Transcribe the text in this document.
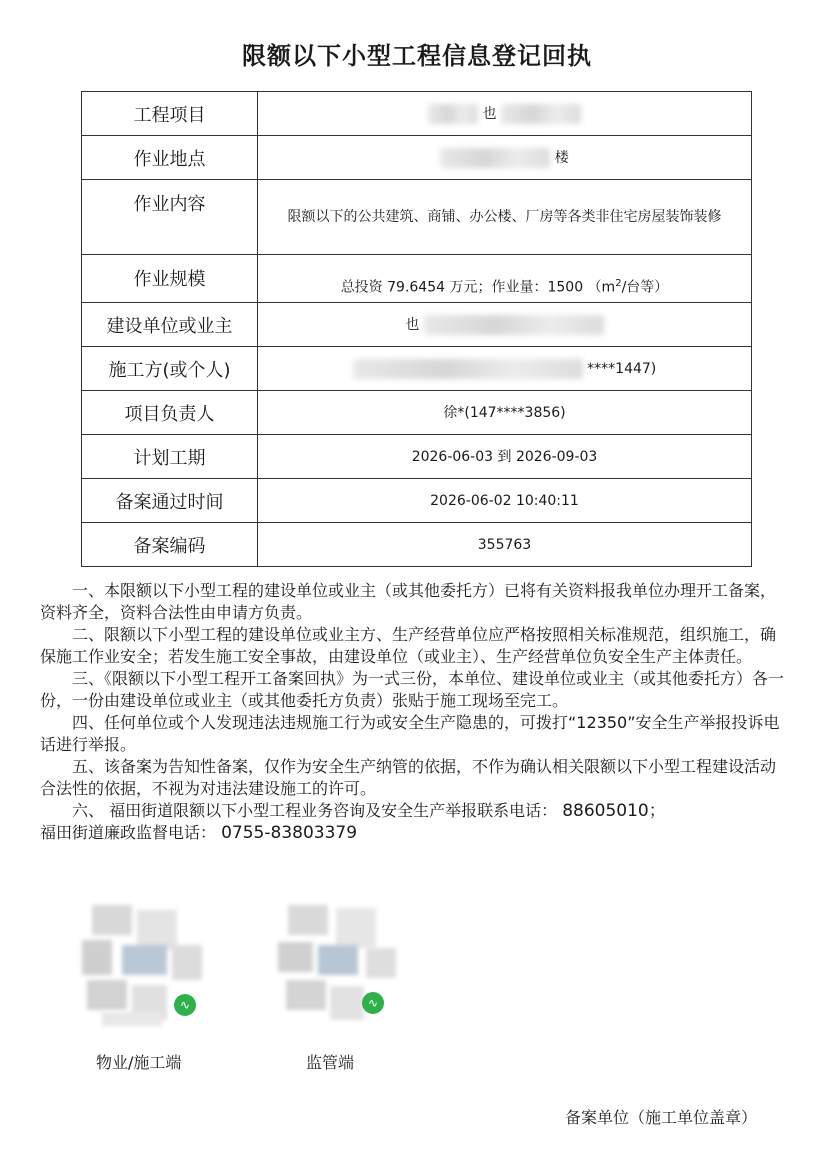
限额以下小型工程信息登记回执
工程项目	也
作业地点	楼
作业内容	限额以下的公共建筑、商铺、办公楼、厂房等各类非住宅房屋装饰装修
作业规模	总投资 79.6454 万元；作业量：1500 （$m^2/$台等）
建设单位或业主	也
施工方(或个人)	****1447)
项目负责人	徐*(147****3856)
计划工期	2026-06-03 到 2026-09-03
备案通过时间	2026-06-02 10:40:11
备案编码	355763

一、本限额以下小型工程的建设单位或业主（或其他委托方）已将有关资料报我单位办理开工备案，资料齐全，资料合法性由申请方负责。

二、限额以下小型工程的建设单位或业主方、生产经营单位应严格按照相关标准规范，组织施工，确保施工作业安全；若发生施工安全事故，由建设单位（或业主）、生产经营单位负安全生产主体责任。

三、《限额以下小型工程开工备案回执》为一式三份，本单位、建设单位或业主（或其他委托方）各一份，一份由建设单位或业主（或其他委托方负责）张贴于施工现场至完工。

四、任何单位或个人发现违法违规施工行为或安全生产隐患的，可拨打“12350”安全生产举报投诉电话进行举报。

五、该备案为告知性备案，仅作为安全生产纳管的依据，不作为确认相关限额以下小型工程建设活动合法性的依据，不视为对违法建设施工的许可。

六、 福田街道限额以下小型工程业务咨询及安全生产举报联系电话： 88605010；

福田街道廉政监督电话： 0755-83803379
∿
物业/施工端
∿
监管端
备案单位（施工单位盖章）
